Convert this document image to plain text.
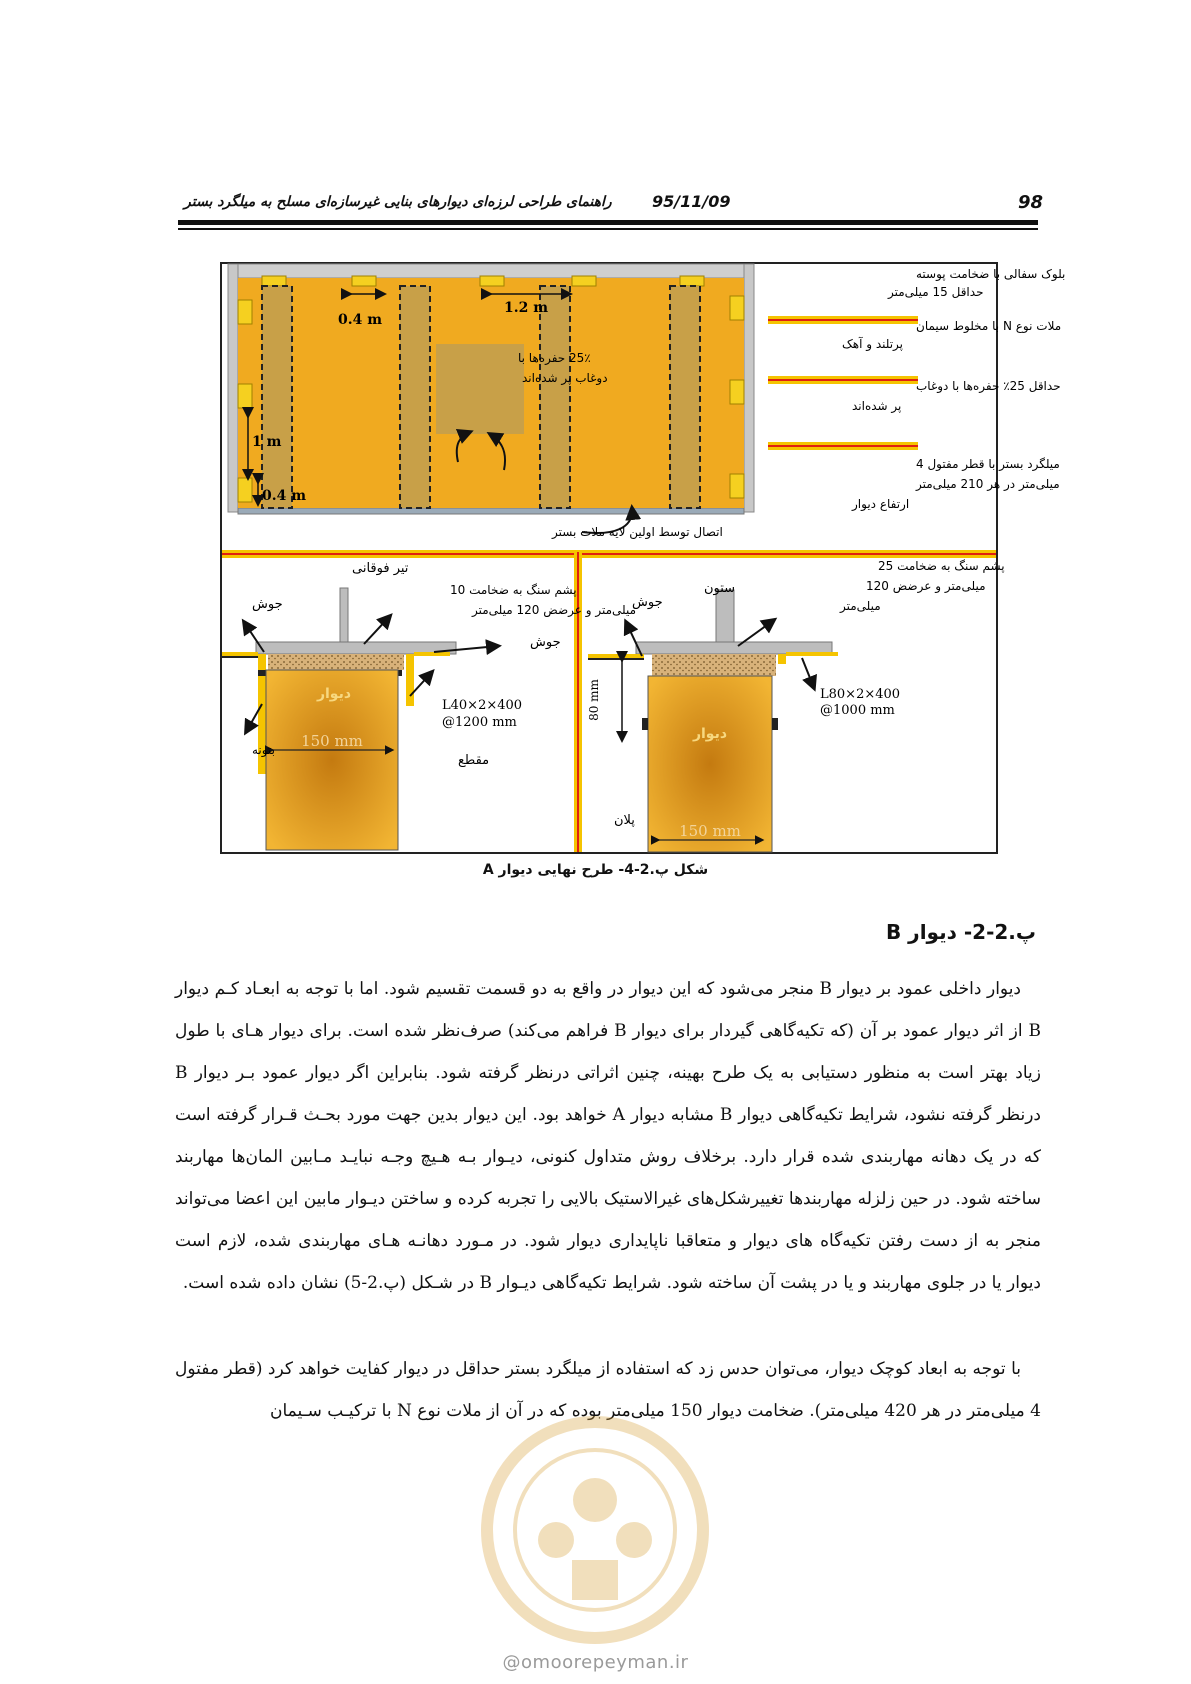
98
95/11/09
راهنمای طراحی لرزه‌ای دیوارهای بنایی غیرسازه‌ای مسلح به میلگرد بستر
0.4 m
1.2 m
1 m
0.4 m
25٪ حفره‌ها با
دوغاب پر شده‌اند
اتصال توسط اولین لایه ملات بستر
بلوک سفالی با ضخامت پوسته
حداقل 15 میلی‌متر
ملات نوع N با مخلوط سیمان
پرتلند و آهک
حداقل 25٪ حفره‌ها با دوغاب
پر شده‌اند
میلگرد بستر با قطر مفتول 4
میلی‌متر در هر 210 میلی‌متر
ارتفاع دیوار
تیر فوقانی
پشم سنگ به ضخامت 10
میلی‌متر و عرضض 120 میلی‌متر
جوش
جوش
L40×2×400
@1200 mm
دیوار
150 mm
بتونه
مقطع
پشم سنگ به ضخامت 25
میلی‌متر و عرضض 120
میلی‌متر
ستون
جوش
80 mm	L80×2×400
@1000 mm
دیوار
150 mm
پلان
شکل پ.2-4- طرح نهایی دیوار A
پ.2-2- دیوار B

دیوار داخلی عمود بر دیوار B منجر می‌شود که این دیوار در واقع به دو قسمت تقسیم شود. اما با توجه به ابعـاد کـم دیوار B از اثر دیوار عمود بر آن (که تکیه‌گاهی گیردار برای دیوار B فراهم می‌کند) صرف‌نظر شده است. برای دیوار هـای با طول زیاد بهتر است به منظور دستیابی به یک طرح بهینه، چنین اثراتی درنظر گرفته شود. بنابراین اگر دیوار عمود بـر دیوار B درنظر گرفته نشود، شرایط تکیه‌گاهی دیوار B مشابه دیوار A خواهد بود. این دیوار بدین جهت مورد بحـث قـرار گرفته است که در یک دهانه مهاربندی شده قرار دارد. برخلاف روش متداول کنونی، دیـوار بـه هـیچ وجـه نبایـد مـابین المان‌ها مهاربند ساخته شود. در حین زلزله مهاربندها تغییرشکل‌های غیرالاستیک بالایی را تجربه کرده و ساختن دیـوار مابین این اعضا می‌تواند منجر به از دست رفتن تکیه‌گاه های دیوار و متعاقبا ناپایداری دیوار شود. در مـورد دهانـه هـای مهاربندی شده، لازم است دیوار یا در جلوی مهاربند و یا در پشت آن ساخته شود. شرایط تکیه‌گاهی دیـوار B در شـکل (پ.2-5) نشان داده شده است.

با توجه به ابعاد کوچک دیوار، می‌توان حدس زد که استفاده از میلگرد بستر حداقل در دیوار کفایت خواهد کرد (قطر مفتول 4 میلی‌متر در هر 420 میلی‌متر). ضخامت دیوار 150 میلی‌متر بوده که در آن از ملات نوع N با ترکیـب سـیمان

@omoorepeyman.ir
